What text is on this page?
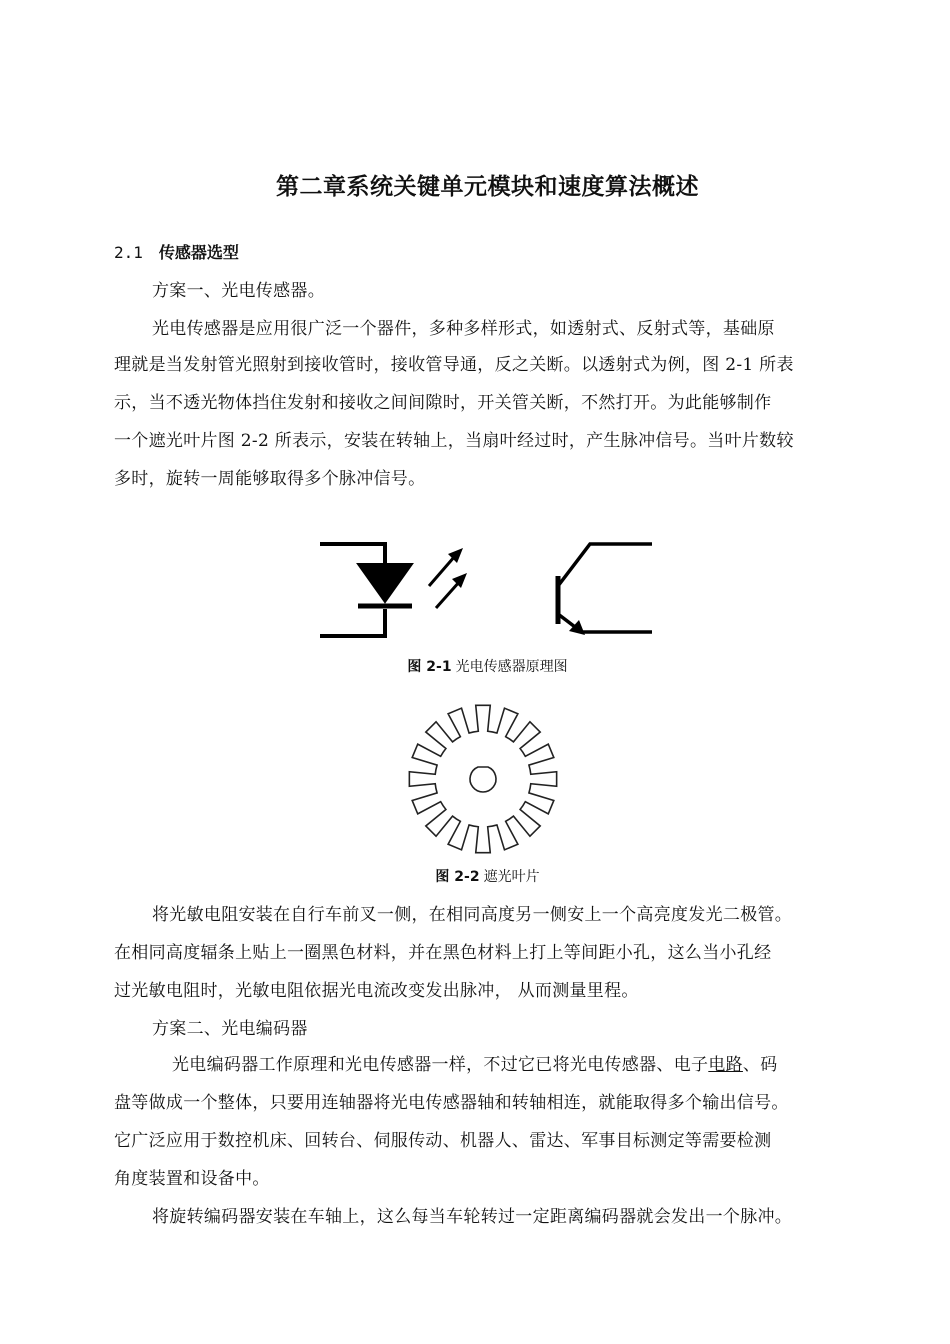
第二章系统关键单元模块和速度算法概述
2.1 传感器选型
方案一、光电传感器。
光电传感器是应用很广泛一个器件，多种多样形式，如透射式、反射式等，基础原
理就是当发射管光照射到接收管时，接收管导通，反之关断。以透射式为例，图 2-1 所表
示，当不透光物体挡住发射和接收之间间隙时，开关管关断，不然打开。为此能够制作
一个遮光叶片图 2-2 所表示，安装在转轴上，当扇叶经过时，产生脉冲信号。当叶片数较
多时，旋转一周能够取得多个脉冲信号。
图 2-1 光电传感器原理图
图 2-2 遮光叶片
将光敏电阻安装在自行车前叉一侧，在相同高度另一侧安上一个高亮度发光二极管。
在相同高度辐条上贴上一圈黑色材料，并在黑色材料上打上等间距小孔，这么当小孔经
过光敏电阻时，光敏电阻依据光电流改变发出脉冲， 从而测量里程。
方案二、光电编码器
光电编码器工作原理和光电传感器一样，不过它已将光电传感器、电子电路、码
盘等做成一个整体，只要用连轴器将光电传感器轴和转轴相连，就能取得多个输出信号。
它广泛应用于数控机床、回转台、伺服传动、机器人、雷达、军事目标测定等需要检测
角度装置和设备中。
将旋转编码器安装在车轴上，这么每当车轮转过一定距离编码器就会发出一个脉冲。
